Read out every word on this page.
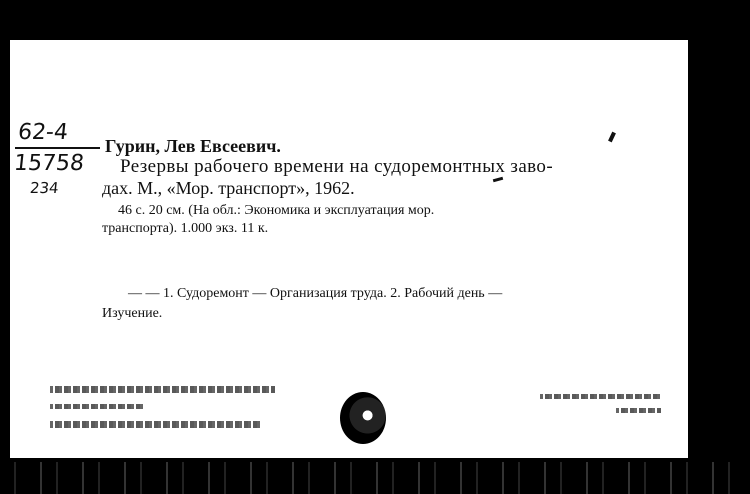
62-4
15758
234
Гурин, Лев Евсеевич.
Резервы рабочего времени на судоремонтных заво-
дах. М., «Мор. транспорт», 1962.
46 с. 20 см. (На обл.: Экономика и эксплуатация мор.
транспорта). 1.000 экз. 11 к.
— — 1. Судоремонт — Организация труда. 2. Рабочий день —
Изучение.
